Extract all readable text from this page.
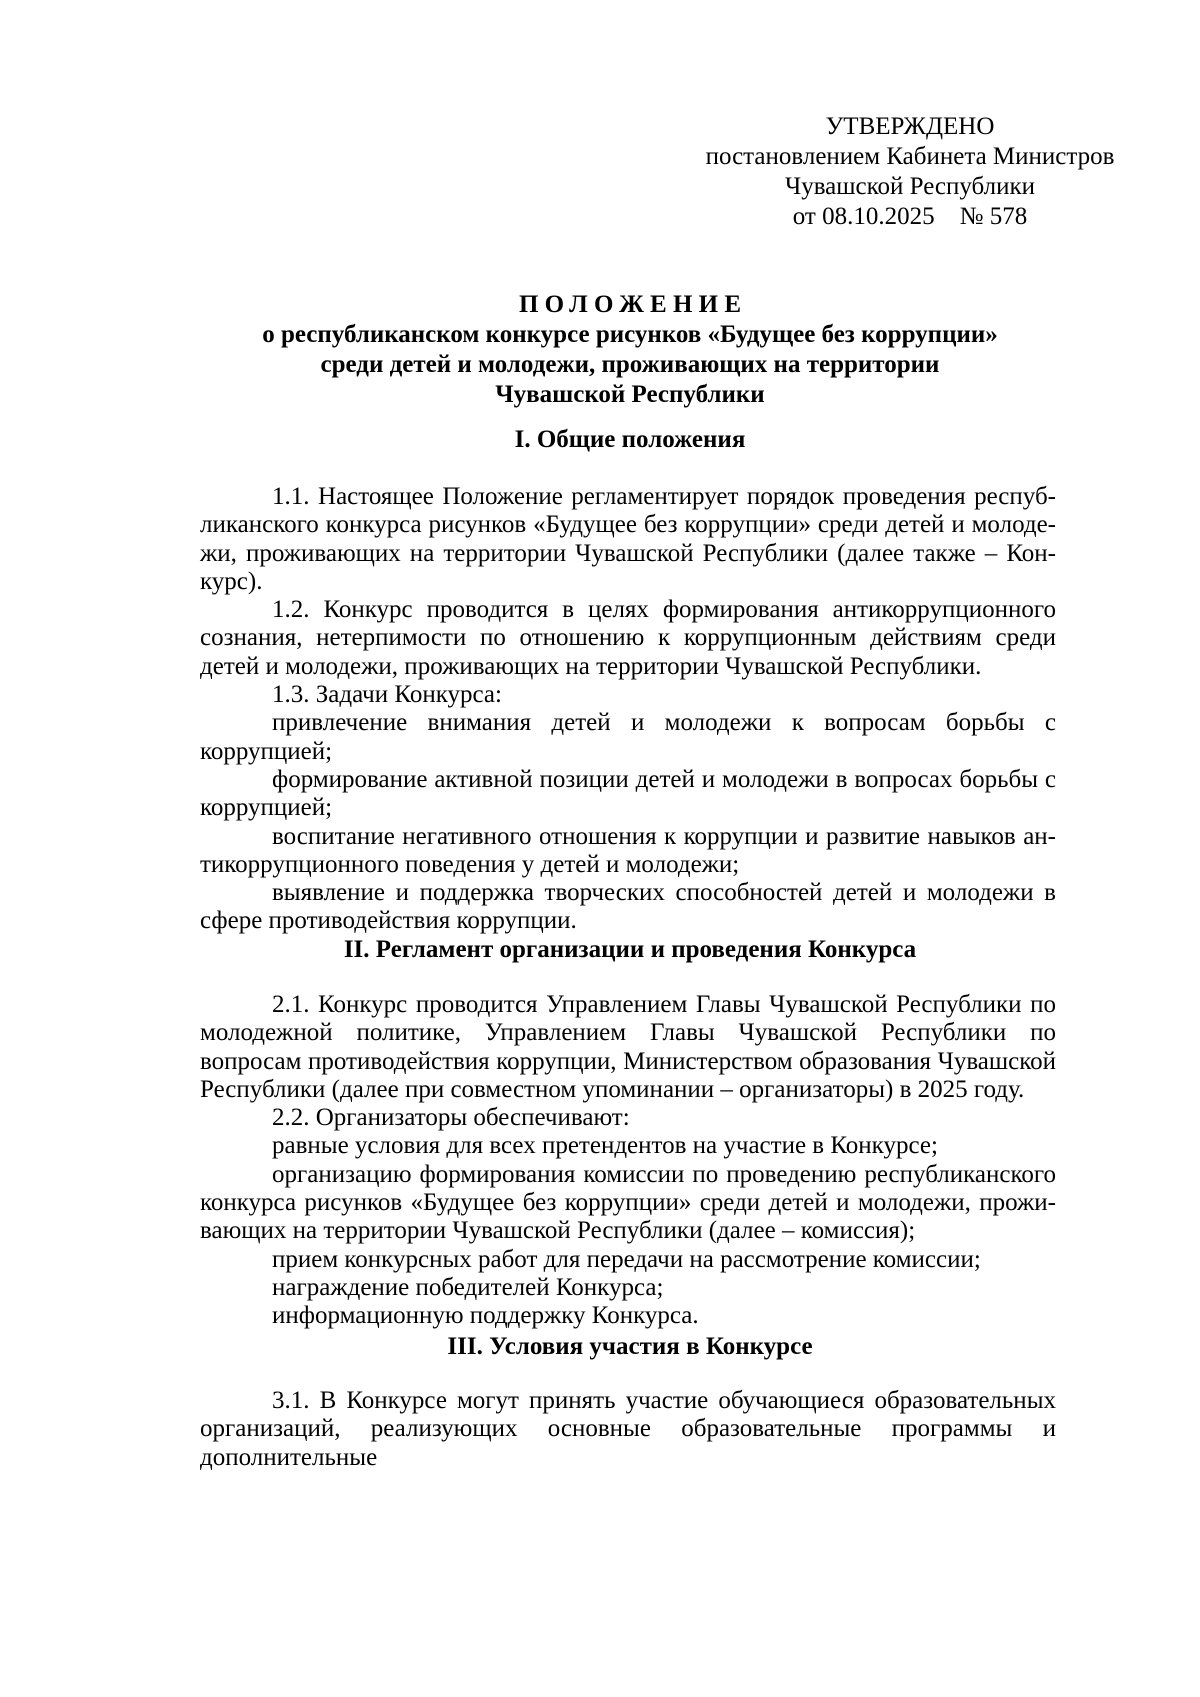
УТВЕРЖДЕНО
постановлением Кабинета Министров
Чувашской Республики
от 08.10.2025    № 578
ПОЛОЖЕНИЕ
о республиканском конкурсе рисунков «Будущее без коррупции»
среди детей и молодежи, проживающих на территории
Чувашской Республики
I. Общие положения

1.1. Настоящее Положение регламентирует порядок проведения республиканского конкурса рисунков «Будущее без коррупции» среди детей и молодежи, проживающих на территории Чувашской Республики (далее также – Конкурс).

1.2. Конкурс проводится в целях формирования антикоррупционного сознания, нетерпимости по отношению к коррупционным действиям среди детей и молодежи, проживающих на территории Чувашской Республики.

1.3. Задачи Конкурса:

привлечение внимания детей и молодежи к вопросам борьбы с коррупцией;

формирование активной позиции детей и молодежи в вопросах борьбы с коррупцией;

воспитание негативного отношения к коррупции и развитие навыков антикоррупционного поведения у детей и молодежи;

выявление и поддержка творческих способностей детей и молодежи в сфере противодействия коррупции.

II. Регламент организации и проведения Конкурса

2.1. Конкурс проводится Управлением Главы Чувашской Республики по молодежной политике, Управлением Главы Чувашской Республики по вопросам противодействия коррупции, Министерством образования Чувашской Республики (далее при совместном упоминании – организаторы) в 2025 году.

2.2. Организаторы обеспечивают:

равные условия для всех претендентов на участие в Конкурсе;

организацию формирования комиссии по проведению республиканского конкурса рисунков «Будущее без коррупции» среди детей и молодежи, проживающих на территории Чувашской Республики (далее – комиссия);

прием конкурсных работ для передачи на рассмотрение комиссии;

награждение победителей Конкурса;

информационную поддержку Конкурса.

III. Условия участия в Конкурсе

3.1. В Конкурсе могут принять участие обучающиеся образовательных организаций, реализующих основные образовательные программы и дополнительные
